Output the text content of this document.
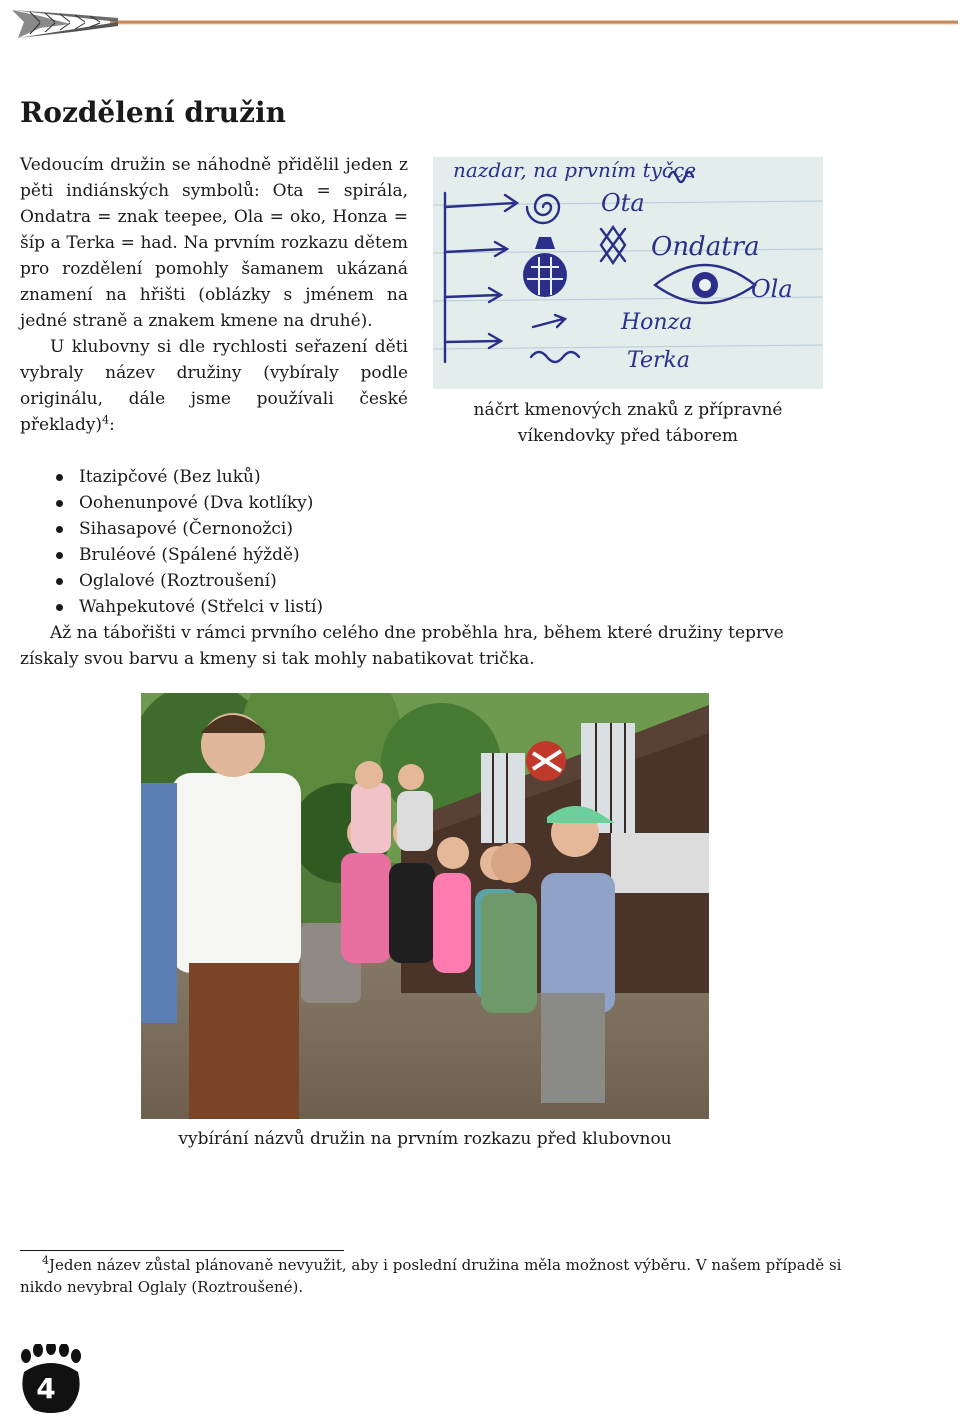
Rozdělení družin

Vedoucím družin se náhodně přidělil jeden z pěti indiánských symbolů: Ota = spirála, Ondatra = znak teepee, Ola = oko, Honza = šíp a Terka = had. Na prvním rozkazu dětem pro rozdělení pomohly šamanem ukázaná znamení na hřišti (oblázky s jménem na jedné straně a znakem kmene na druhé).

U klubovny si dle rychlosti seřazení děti vybraly název družiny (vybíraly podle originálu, dále jsme používali české překlady)$^4$:

Itazipčové (Bez luků)
Oohenunpové (Dva kotlíky)
Sihasapové (Černonožci)
Bruléové (Spálené hýždě)
Oglalové (Roztroušení)
Wahpekutové (Střelci v listí)

Až na tábořišti v rámci prvního celého dne proběhla hra, během které družiny teprve získaly svou barvu a kmeny si tak mohly nabatikovat trička.

nazdar, na prvním tyčce
Ota
Ondatra
Ola
Honza
Terka

náčrt kmenových znaků z přípravné víkendovky před táborem

vybírání názvů družin na prvním rozkazu před klubovnou

$^4$Jeden název zůstal plánovaně nevyužit, aby i poslední družina měla možnost výběru. V našem případě si nikdo nevybral Oglaly (Roztroušené).

4
